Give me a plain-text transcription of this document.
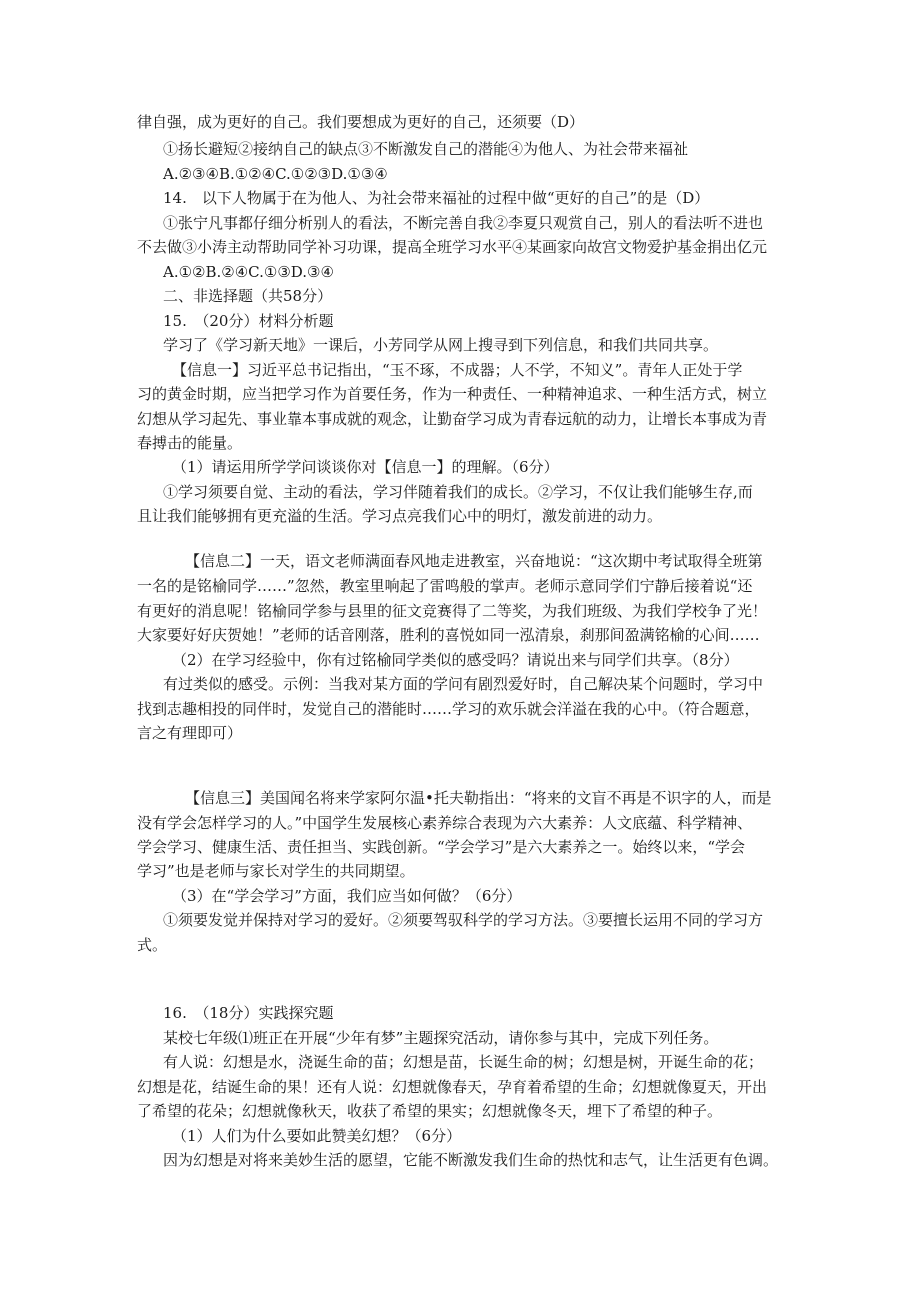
律自强，成为更好的自己。我们要想成为更好的自己，还须要（D）

①扬长避短②接纳自己的缺点③不断激发自己的潜能④为他人、为社会带来福祉

A.②③④B.①②④C.①②③D.①③④

14.　以下人物属于在为他人、为社会带来福祉的过程中做“更好的自己”的是（D）

①张宁凡事都仔细分析别人的看法，不断完善自我②李夏只观赏自己，别人的看法听不进也

不去做③小涛主动帮助同学补习功课，提高全班学习水平④某画家向故宫文物爱护基金捐出亿元

A.①②B.②④C.①③D.③④

二、非选择题（共58分）

15.　（20分）材料分析题

学习了《学习新天地》一课后，小芳同学从网上搜寻到下列信息，和我们共同共享。

【信息一】习近平总书记指出，“玉不琢，不成器；人不学，不知义”。青年人正处于学

习的黄金时期，应当把学习作为首要任务，作为一种责任、一种精神追求、一种生活方式，树立

幻想从学习起先、事业靠本事成就的观念，让勤奋学习成为青春远航的动力，让增长本事成为青

春搏击的能量。

（1）请运用所学学问谈谈你对【信息一】的理解。（6分）

①学习须要自觉、主动的看法，学习伴随着我们的成长。②学习，不仅让我们能够生存,而

且让我们能够拥有更充溢的生活。学习点亮我们心中的明灯，激发前进的动力。

【信息二】一天，语文老师满面春风地走进教室，兴奋地说：“这次期中考试取得全班第

一名的是铭榆同学……”忽然，教室里响起了雷鸣般的掌声。老师示意同学们宁静后接着说“还

有更好的消息呢！铭榆同学参与县里的征文竞赛得了二等奖，为我们班级、为我们学校争了光！

大家要好好庆贺她！”老师的话音刚落，胜利的喜悦如同一泓清泉，刹那间盈满铭榆的心间……

（2）在学习经验中，你有过铭榆同学类似的感受吗？请说出来与同学们共享。（8分）

有过类似的感受。示例：当我对某方面的学问有剧烈爱好时，自己解决某个问题时，学习中

找到志趣相投的同伴时，发觉自己的潜能时……学习的欢乐就会洋溢在我的心中。（符合题意，

言之有理即可）

【信息三】美国闻名将来学家阿尔温•托夫勒指出：“将来的文盲不再是不识字的人，而是

没有学会怎样学习的人。”中国学生发展核心素养综合表现为六大素养：人文底蕴、科学精神、

学会学习、健康生活、责任担当、实践创新。“学会学习”是六大素养之一。始终以来，“学会

学习”也是老师与家长对学生的共同期望。

（3）在“学会学习”方面，我们应当如何做？（6分）

①须要发觉并保持对学习的爱好。②须要驾驭科学的学习方法。③要擅长运用不同的学习方

式。

16.　（18分）实践探究题

某校七年级⑴班正在开展“少年有梦”主题探究活动，请你参与其中，完成下列任务。

有人说：幻想是水，浇诞生命的苗；幻想是苗，长诞生命的树；幻想是树，开诞生命的花；

幻想是花，结诞生命的果！还有人说：幻想就像春天，孕育着希望的生命；幻想就像夏天，开出

了希望的花朵；幻想就像秋天，收获了希望的果实；幻想就像冬天，埋下了希望的种子。

（1）人们为什么要如此赞美幻想？（6分）

因为幻想是对将来美妙生活的愿望，它能不断激发我们生命的热忱和志气，让生活更有色调。
